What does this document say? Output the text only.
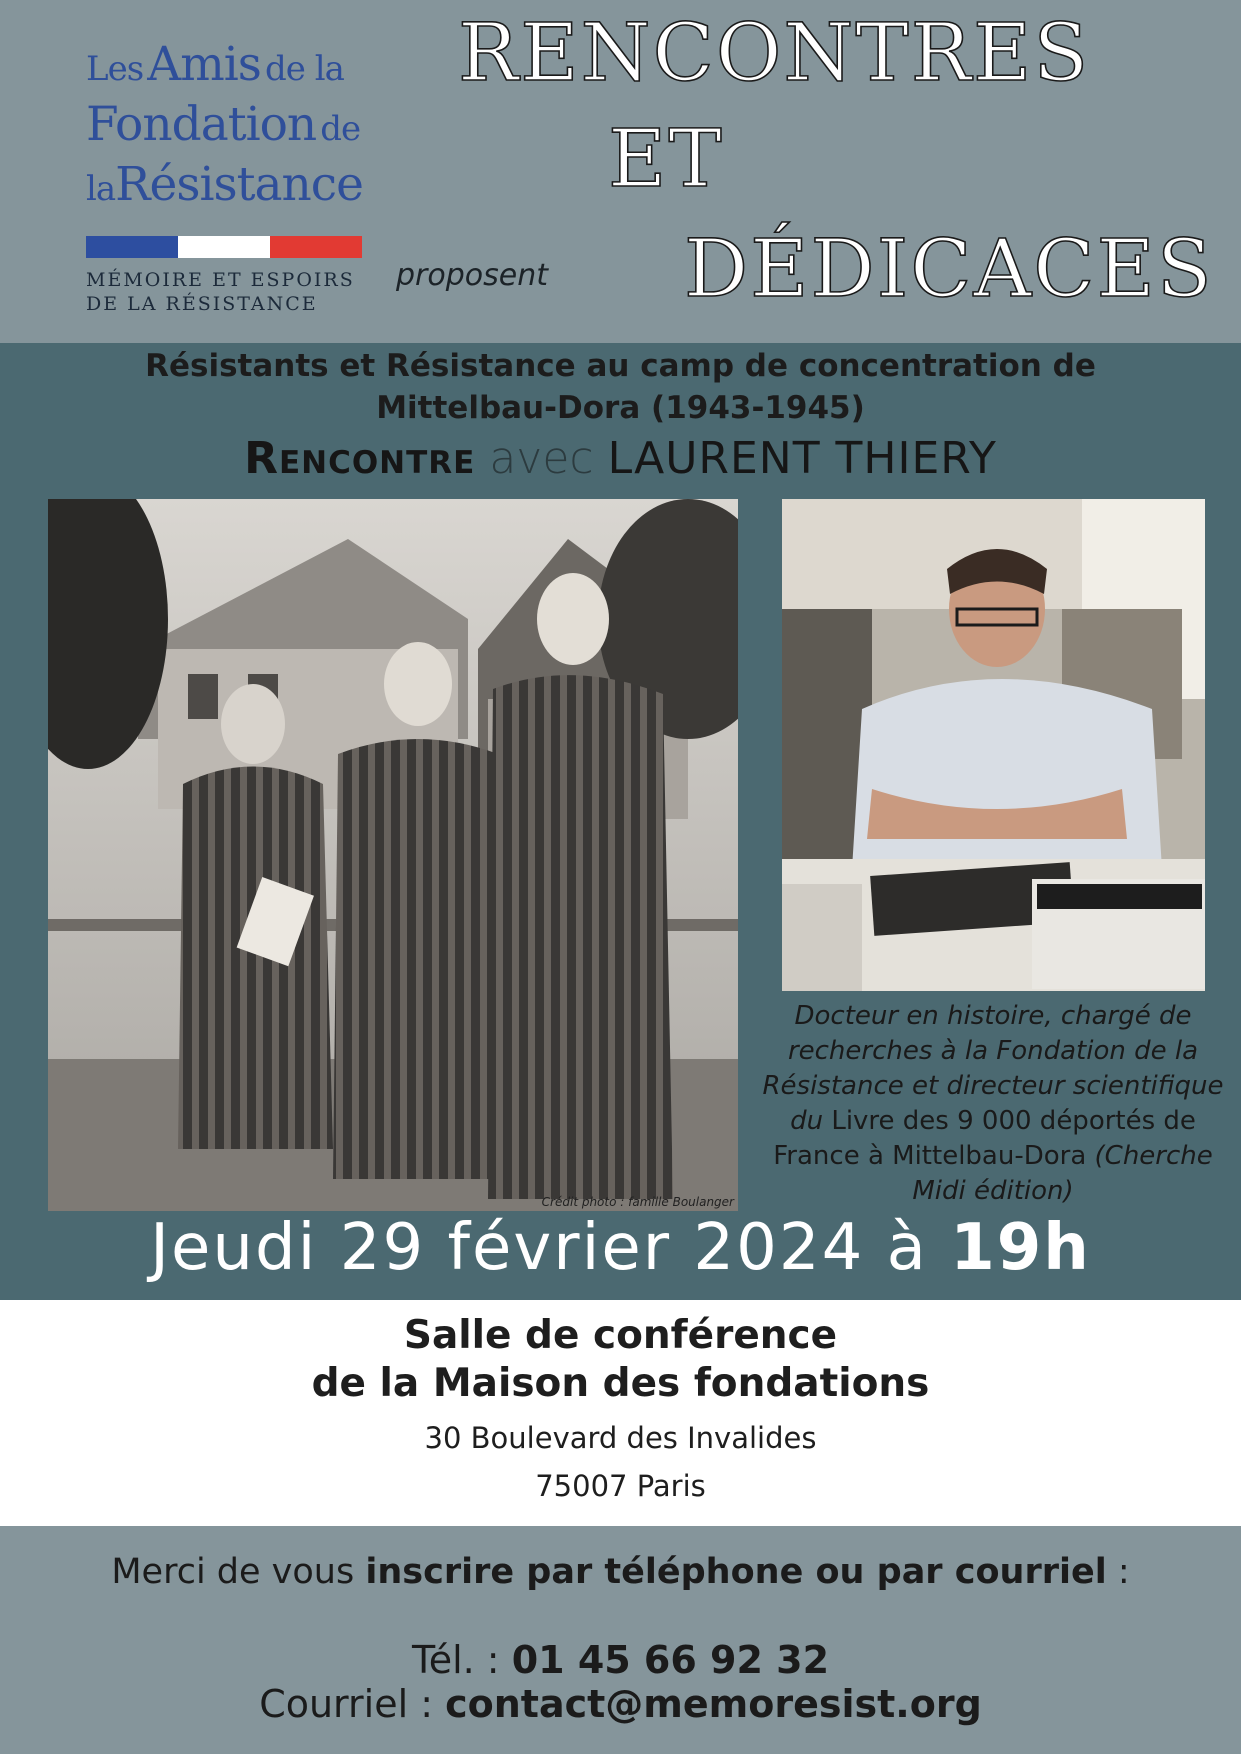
Les Amis de la
Fondation de
laRésistance
MÉMOIRE ET ESPOIRS
DE LA RÉSISTANCE
proposent
RENCONTRES
ET
DÉDICACES
Résistants et Résistance au camp de concentration de
Mittelbau-Dora (1943-1945)
Rencontre avec LAURENT THIERY
Crédit photo : famille Boulanger
Docteur en histoire, chargé de recherches à la Fondation de la Résistance et directeur scientifique du Livre des 9 000 déportés de France à Mittelbau-Dora (Cherche Midi édition)
Jeudi 29 février 2024 à 19h
Salle de conférence
de la Maison des fondations
30 Boulevard des Invalides
75007 Paris
Merci de vous inscrire par téléphone ou par courriel :
Tél. : 01 45 66 92 32
Courriel : contact@memoresist.org
